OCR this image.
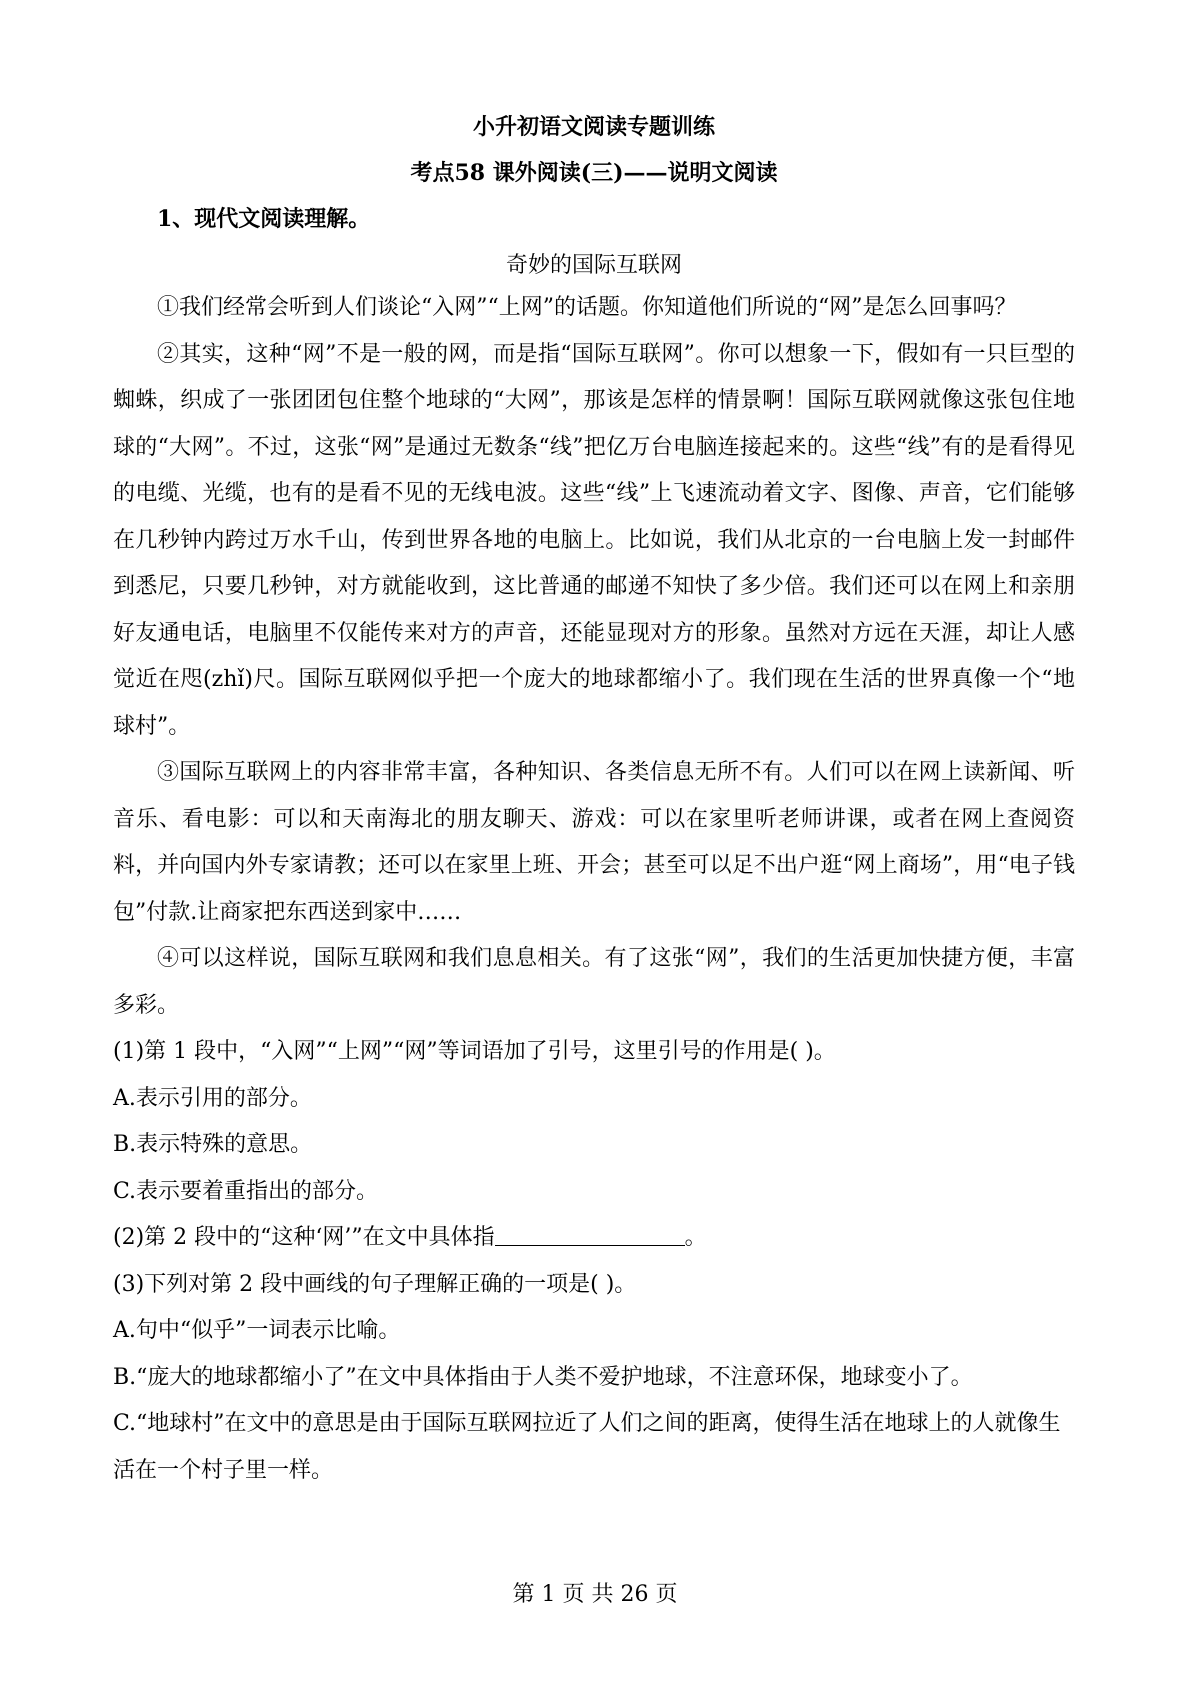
小升初语文阅读专题训练
考点58 课外阅读(三)——说明文阅读
1、现代文阅读理解。
奇妙的国际互联网

①我们经常会听到人们谈论“入网”“上网”的话题。你知道他们所说的“网”是怎么回事吗？

②其实，这种“网”不是一般的网，而是指“国际互联网”。你可以想象一下，假如有一只巨型的蜘蛛，织成了一张团团包住整个地球的“大网”，那该是怎样的情景啊！国际互联网就像这张包住地球的“大网”。不过，这张“网”是通过无数条“线”把亿万台电脑连接起来的。这些“线”有的是看得见的电缆、光缆，也有的是看不见的无线电波。这些“线”上飞速流动着文字、图像、声音，它们能够在几秒钟内跨过万水千山，传到世界各地的电脑上。比如说，我们从北京的一台电脑上发一封邮件到悉尼，只要几秒钟，对方就能收到，这比普通的邮递不知快了多少倍。我们还可以在网上和亲朋好友通电话，电脑里不仅能传来对方的声音，还能显现对方的形象。虽然对方远在天涯，却让人感觉近在咫(zhǐ)尺。国际互联网似乎把一个庞大的地球都缩小了。我们现在生活的世界真像一个“地球村”。

③国际互联网上的内容非常丰富，各种知识、各类信息无所不有。人们可以在网上读新闻、听音乐、看电影：可以和天南海北的朋友聊天、游戏：可以在家里听老师讲课，或者在网上查阅资料，并向国内外专家请教；还可以在家里上班、开会；甚至可以足不出户逛“网上商场”，用“电子钱包”付款.让商家把东西送到家中……

④可以这样说，国际互联网和我们息息相关。有了这张“网”，我们的生活更加快捷方便，丰富多彩。

(1)第 1 段中，“入网”“上网”“网”等词语加了引号，这里引号的作用是( )。

A.表示引用的部分。

B.表示特殊的意思。

C.表示要着重指出的部分。

(2)第 2 段中的“这种‘网’”在文中具体指	。

(3)下列对第 2 段中画线的句子理解正确的一项是( )。

A.句中“似乎”一词表示比喻。

B.“庞大的地球都缩小了”在文中具体指由于人类不爱护地球，不注意环保，地球变小了。

C.“地球村”在文中的意思是由于国际互联网拉近了人们之间的距离，使得生活在地球上的人就像生活在一个村子里一样。

第 1 页 共 26 页
